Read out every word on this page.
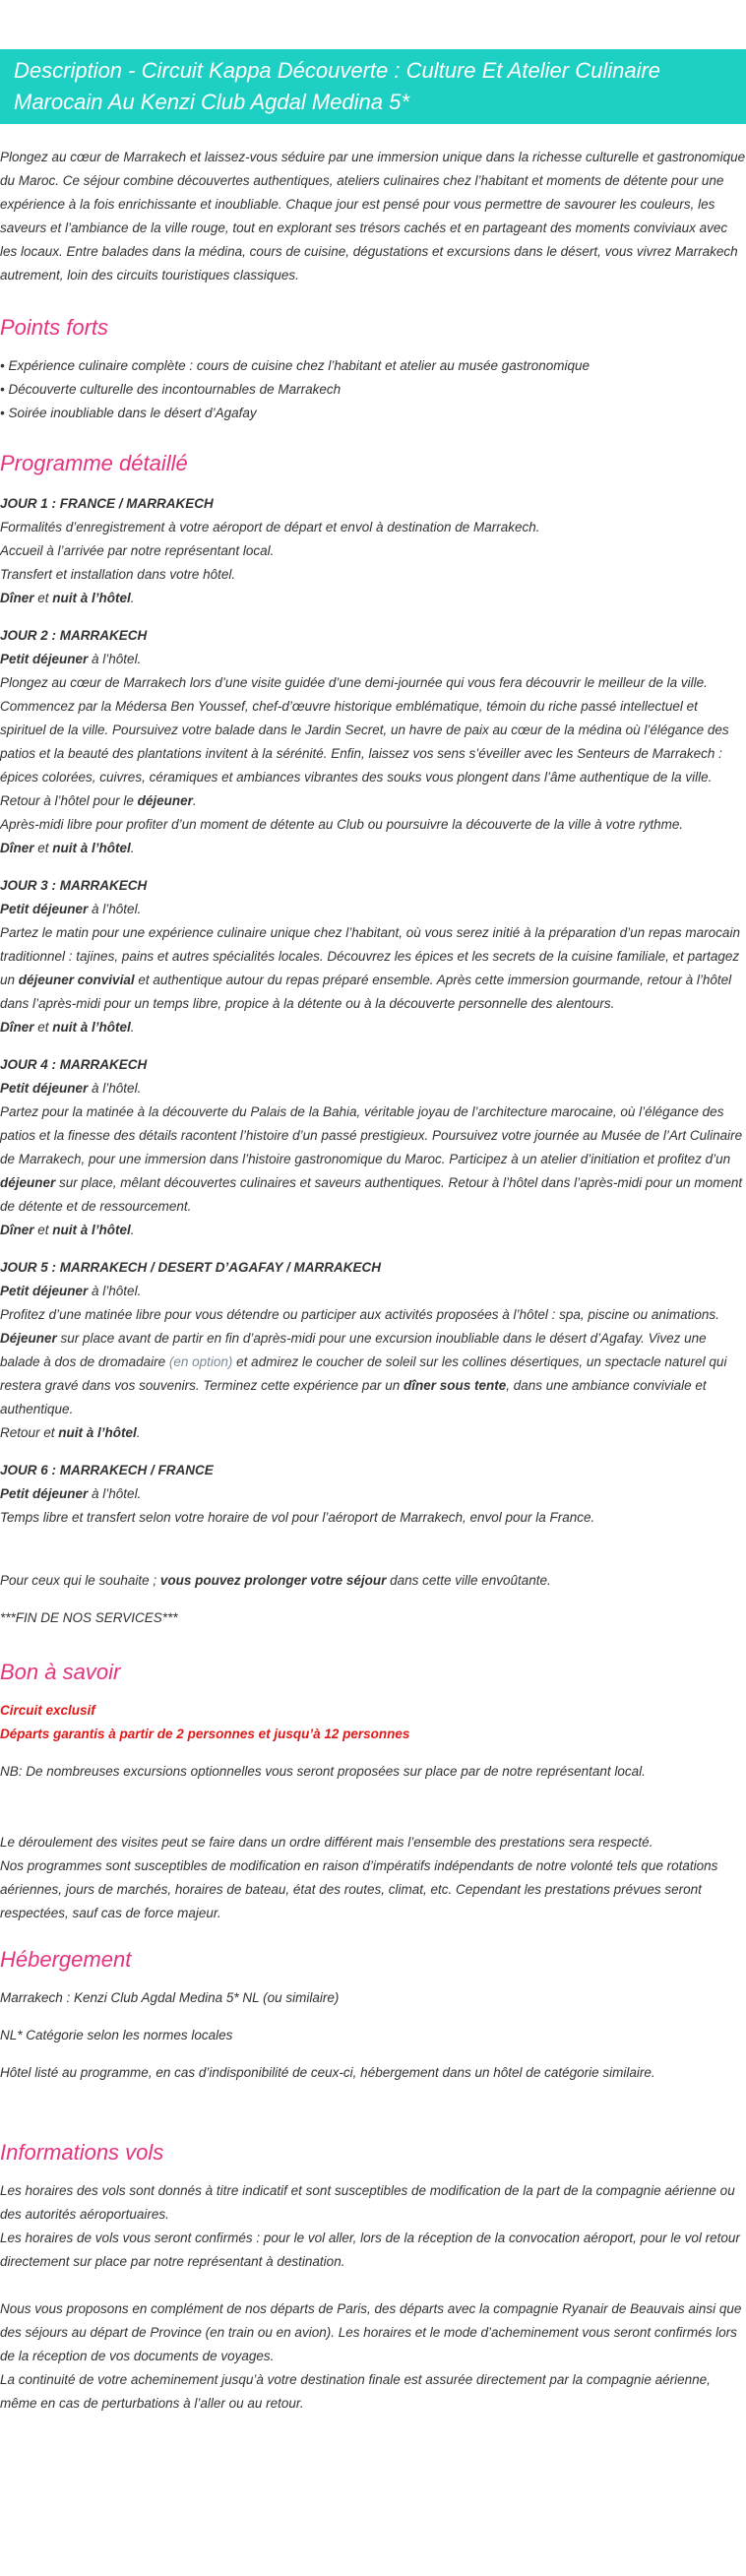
Description - Circuit Kappa Découverte : Culture Et Atelier Culinaire Marocain Au Kenzi Club Agdal Medina 5*

Plongez au cœur de Marrakech et laissez-vous séduire par une immersion unique dans la richesse culturelle et gastronomique du Maroc. Ce séjour combine découvertes authentiques, ateliers culinaires chez l’habitant et moments de détente pour une expérience à la fois enrichissante et inoubliable. Chaque jour est pensé pour vous permettre de savourer les couleurs, les saveurs et l’ambiance de la ville rouge, tout en explorant ses trésors cachés et en partageant des moments conviviaux avec les locaux. Entre balades dans la médina, cours de cuisine, dégustations et excursions dans le désert, vous vivrez Marrakech autrement, loin des circuits touristiques classiques.

Points forts

• Expérience culinaire complète : cours de cuisine chez l’habitant et atelier au musée gastronomique

• Découverte culturelle des incontournables de Marrakech

• Soirée inoubliable dans le désert d’Agafay

Programme détaillé

JOUR 1 : FRANCE / MARRAKECH

Formalités d’enregistrement à votre aéroport de départ et envol à destination de Marrakech.

Accueil à l’arrivée par notre représentant local.

Transfert et installation dans votre hôtel.

Dîner et nuit à l’hôtel.

JOUR 2 : MARRAKECH

Petit déjeuner à l’hôtel.

Plongez au cœur de Marrakech lors d’une visite guidée d’une demi-journée qui vous fera découvrir le meilleur de la ville. Commencez par la Médersa Ben Youssef, chef-d’œuvre historique emblématique, témoin du riche passé intellectuel et spirituel de la ville. Poursuivez votre balade dans le Jardin Secret, un havre de paix au cœur de la médina où l’élégance des patios et la beauté des plantations invitent à la sérénité. Enfin, laissez vos sens s’éveiller avec les Senteurs de Marrakech : épices colorées, cuivres, céramiques et ambiances vibrantes des souks vous plongent dans l’âme authentique de la ville.

Retour à l’hôtel pour le déjeuner.

Après-midi libre pour profiter d’un moment de détente au Club ou poursuivre la découverte de la ville à votre rythme.

Dîner et nuit à l’hôtel.

JOUR 3 : MARRAKECH

Petit déjeuner à l’hôtel.

Partez le matin pour une expérience culinaire unique chez l’habitant, où vous serez initié à la préparation d’un repas marocain traditionnel : tajines, pains et autres spécialités locales. Découvrez les épices et les secrets de la cuisine familiale, et partagez un déjeuner convivial et authentique autour du repas préparé ensemble. Après cette immersion gourmande, retour à l’hôtel dans l’après-midi pour un temps libre, propice à la détente ou à la découverte personnelle des alentours.

Dîner et nuit à l’hôtel.

JOUR 4 : MARRAKECH

Petit déjeuner à l’hôtel.

Partez pour la matinée à la découverte du Palais de la Bahia, véritable joyau de l’architecture marocaine, où l’élégance des patios et la finesse des détails racontent l’histoire d’un passé prestigieux. Poursuivez votre journée au Musée de l’Art Culinaire de Marrakech, pour une immersion dans l’histoire gastronomique du Maroc. Participez à un atelier d’initiation et profitez d’un déjeuner sur place, mêlant découvertes culinaires et saveurs authentiques. Retour à l’hôtel dans l’après-midi pour un moment de détente et de ressourcement.

Dîner et nuit à l’hôtel.

JOUR 5 : MARRAKECH / DESERT D’AGAFAY / MARRAKECH

Petit déjeuner à l’hôtel.

Profitez d’une matinée libre pour vous détendre ou participer aux activités proposées à l’hôtel : spa, piscine ou animations. Déjeuner sur place avant de partir en fin d’après-midi pour une excursion inoubliable dans le désert d’Agafay. Vivez une balade à dos de dromadaire (en option) et admirez le coucher de soleil sur les collines désertiques, un spectacle naturel qui restera gravé dans vos souvenirs. Terminez cette expérience par un dîner sous tente, dans une ambiance conviviale et authentique.

Retour et nuit à l’hôtel.

JOUR 6 : MARRAKECH / FRANCE

Petit déjeuner à l’hôtel.

Temps libre et transfert selon votre horaire de vol pour l’aéroport de Marrakech, envol pour la France.

Pour ceux qui le souhaite ; vous pouvez prolonger votre séjour dans cette ville envoûtante.

***FIN DE NOS SERVICES***

Bon à savoir

Circuit exclusif

Départs garantis à partir de 2 personnes et jusqu’à 12 personnes

NB: De nombreuses excursions optionnelles vous seront proposées sur place par de notre représentant local.

Le déroulement des visites peut se faire dans un ordre différent mais l’ensemble des prestations sera respecté.

Nos programmes sont susceptibles de modification en raison d’impératifs indépendants de notre volonté tels que rotations aériennes, jours de marchés, horaires de bateau, état des routes, climat, etc. Cependant les prestations prévues seront respectées, sauf cas de force majeur.

Hébergement

Marrakech : Kenzi Club Agdal Medina 5* NL (ou similaire)

NL* Catégorie selon les normes locales

Hôtel listé au programme, en cas d’indisponibilité de ceux-ci, hébergement dans un hôtel de catégorie similaire.

Informations vols

Les horaires des vols sont donnés à titre indicatif et sont susceptibles de modification de la part de la compagnie aérienne ou des autorités aéroportuaires.

Les horaires de vols vous seront confirmés : pour le vol aller, lors de la réception de la convocation aéroport, pour le vol retour directement sur place par notre représentant à destination.

Nous vous proposons en complément de nos départs de Paris, des départs avec la compagnie Ryanair de Beauvais ainsi que des séjours au départ de Province (en train ou en avion). Les horaires et le mode d’acheminement vous seront confirmés lors de la réception de vos documents de voyages.

La continuité de votre acheminement jusqu’à votre destination finale est assurée directement par la compagnie aérienne, même en cas de perturbations à l’aller ou au retour.
